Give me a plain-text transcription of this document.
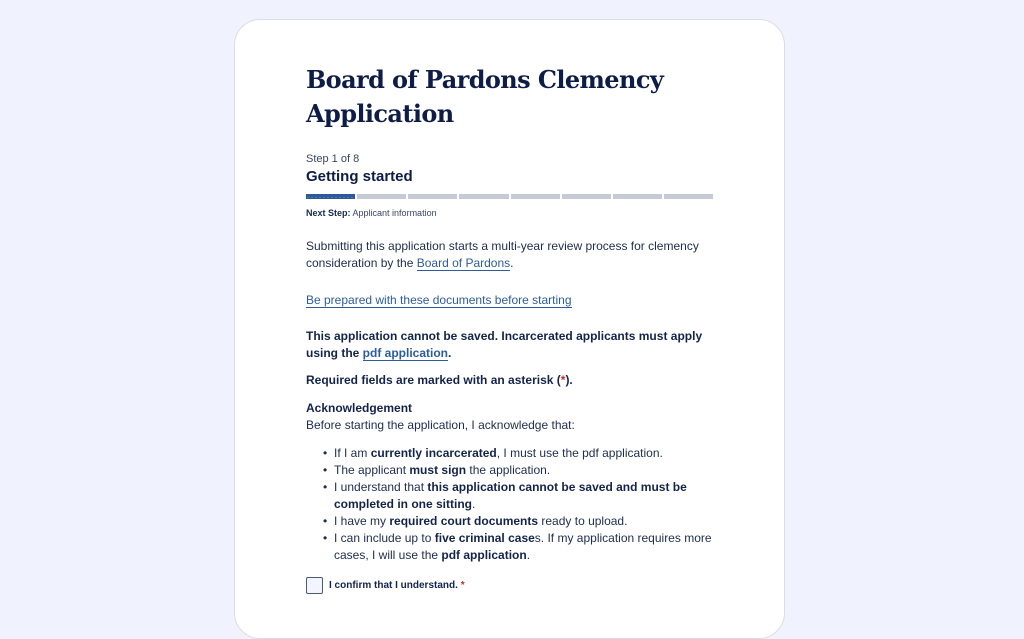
Board of Pardons Clemency Application
Step 1 of 8
Getting started
Next Step: Applicant information

Submitting this application starts a multi-year review process for clemency consideration by the Board of Pardons.

Be prepared with these documents before starting

This application cannot be saved. Incarcerated applicants must apply using the pdf application.

Required fields are marked with an asterisk (*).

Acknowledgement
Before starting the application, I acknowledge that:
• If I am currently incarcerated, I must use the pdf application.
• The applicant must sign the application.
• I understand that this application cannot be saved and must be completed in one sitting.
• I have my required court documents ready to upload.
• I can include up to five criminal cases. If my application requires more cases, I will use the pdf application.
I confirm that I understand. *
